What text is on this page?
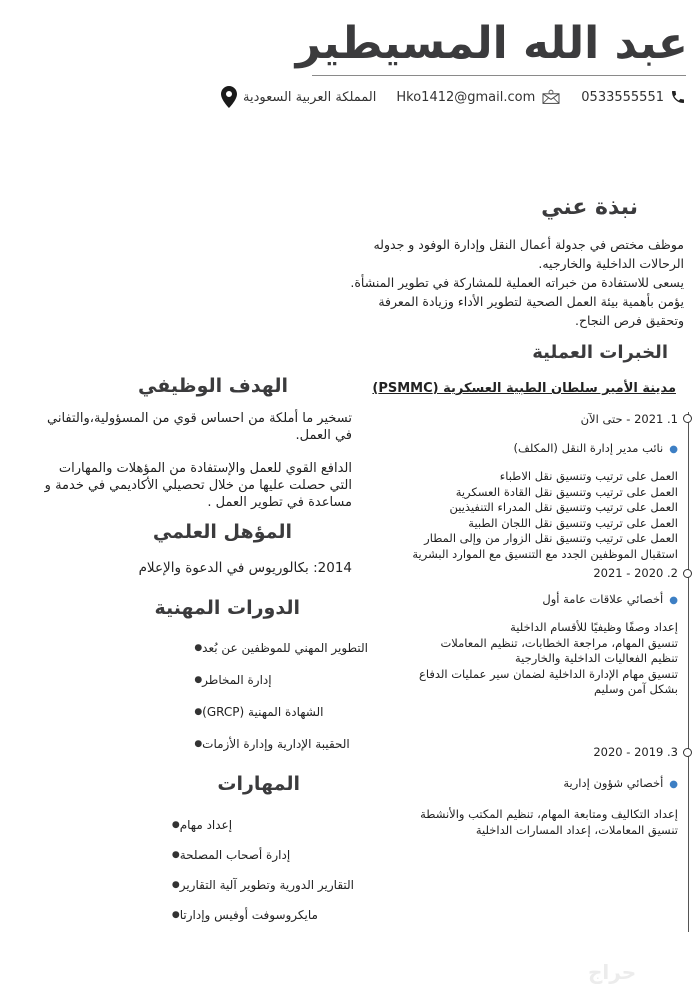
عبد الله المسيطير
0533555551
Hko1412@gmail.com
المملكة العربية السعودية
نبذة عني

موظف مختص في جدولة أعمال النقل وإدارة الوفود و جدوله الرحالات الداخلية والخارجيه.

يسعى للاستفادة من خبراته العملية للمشاركة في تطوير المنشأة.

يؤمن بأهمية بيئة العمل الصحية لتطوير الأداء وزيادة المعرفة وتحقيق فرص النجاح.

الخبرات العملية
مدينة الأمير سلطان الطبية العسكرية (PSMMC)
1. 2021 - حتى الآن
●نائب مدير إدارة النقل (المكلف)
العمل على ترتيب وتنسيق نقل الاطباء
العمل على ترتيب وتنسيق نقل القادة العسكرية
العمل على ترتيب وتنسيق نقل المدراء التنفيذيين
العمل على ترتيب وتنسيق نقل اللجان الطبية
العمل على ترتيب وتنسيق نقل الزوار من وإلى المطار
استقبال الموظفين الجدد مع التنسيق مع الموارد البشرية
2. 2020 - 2021
●أخصائي علاقات عامة أول
إعداد وصفًا وظيفيًا للأقسام الداخلية
تنسيق المهام، مراجعة الخطابات، تنظيم المعاملات
تنظيم الفعاليات الداخلية والخارجية
تنسيق مهام الإدارة الداخلية لضمان سير عمليات الدفاع
بشكل آمن وسليم
3. 2019 - 2020
●أخصائي شؤون إدارية
إعداد التكاليف ومتابعة المهام، تنظيم المكتب والأنشطة
تنسيق المعاملات، إعداد المسارات الداخلية
الهدف الوظيفي

تسخير ما أملكة من احساس قوي من المسؤولية،والتفاني في العمل.

الدافع القوي للعمل والإستفادة من المؤهلات والمهارات التي حصلت عليها من خلال تحصيلي الأكاديمي في خدمة و مساعدة في تطوير العمل .

المؤهل العلمي
2014: بكالوريوس في الدعوة والإعلام
الدورات المهنية
● التطوير المهني للموظفين عن بُعد
● إدارة المخاطر
● الشهادة المهنية (GRCP)
● الحقيبة الإدارية وإدارة الأزمات
المهارات
● إعداد مهام
● إدارة أصحاب المصلحة
● التقارير الدورية وتطوير آلية التقارير
● مايكروسوفت أوفيس وإدارتا
حراج
